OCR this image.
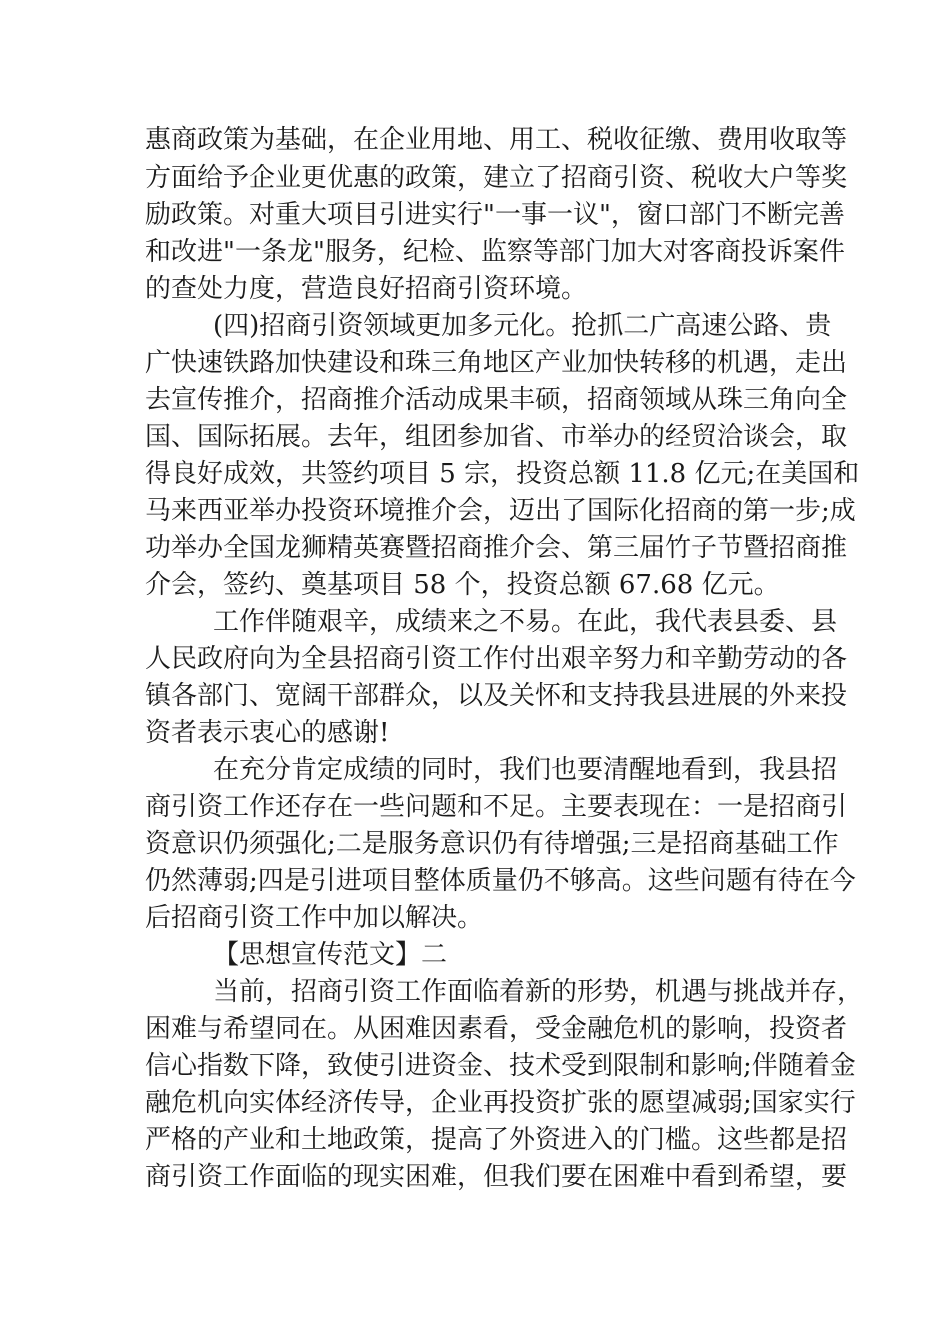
惠商政策为基础，在企业用地、用工、税收征缴、费用收取等
方面给予企业更优惠的政策，建立了招商引资、税收大户等奖
励政策。对重大项目引进实行"一事一议"，窗口部门不断完善
和改进"一条龙"服务，纪检、监察等部门加大对客商投诉案件
的查处力度，营造良好招商引资环境。
(四)招商引资领域更加多元化。抢抓二广高速公路、贵
广快速铁路加快建设和珠三角地区产业加快转移的机遇，走出
去宣传推介，招商推介活动成果丰硕，招商领域从珠三角向全
国、国际拓展。去年，组团参加省、市举办的经贸洽谈会，取
得良好成效，共签约项目 5 宗，投资总额 11.8 亿元;在美国和
马来西亚举办投资环境推介会，迈出了国际化招商的第一步;成
功举办全国龙狮精英赛暨招商推介会、第三届竹子节暨招商推
介会，签约、奠基项目 58 个，投资总额 67.68 亿元。
工作伴随艰辛，成绩来之不易。在此，我代表县委、县
人民政府向为全县招商引资工作付出艰辛努力和辛勤劳动的各
镇各部门、宽阔干部群众，以及关怀和支持我县进展的外来投
资者表示衷心的感谢!
在充分肯定成绩的同时，我们也要清醒地看到，我县招
商引资工作还存在一些问题和不足。主要表现在：一是招商引
资意识仍须强化;二是服务意识仍有待增强;三是招商基础工作
仍然薄弱;四是引进项目整体质量仍不够高。这些问题有待在今
后招商引资工作中加以解决。
【思想宣传范文】二
当前，招商引资工作面临着新的形势，机遇与挑战并存，
困难与希望同在。从困难因素看，受金融危机的影响，投资者
信心指数下降，致使引进资金、技术受到限制和影响;伴随着金
融危机向实体经济传导，企业再投资扩张的愿望减弱;国家实行
严格的产业和土地政策，提高了外资进入的门槛。这些都是招
商引资工作面临的现实困难，但我们要在困难中看到希望，要
